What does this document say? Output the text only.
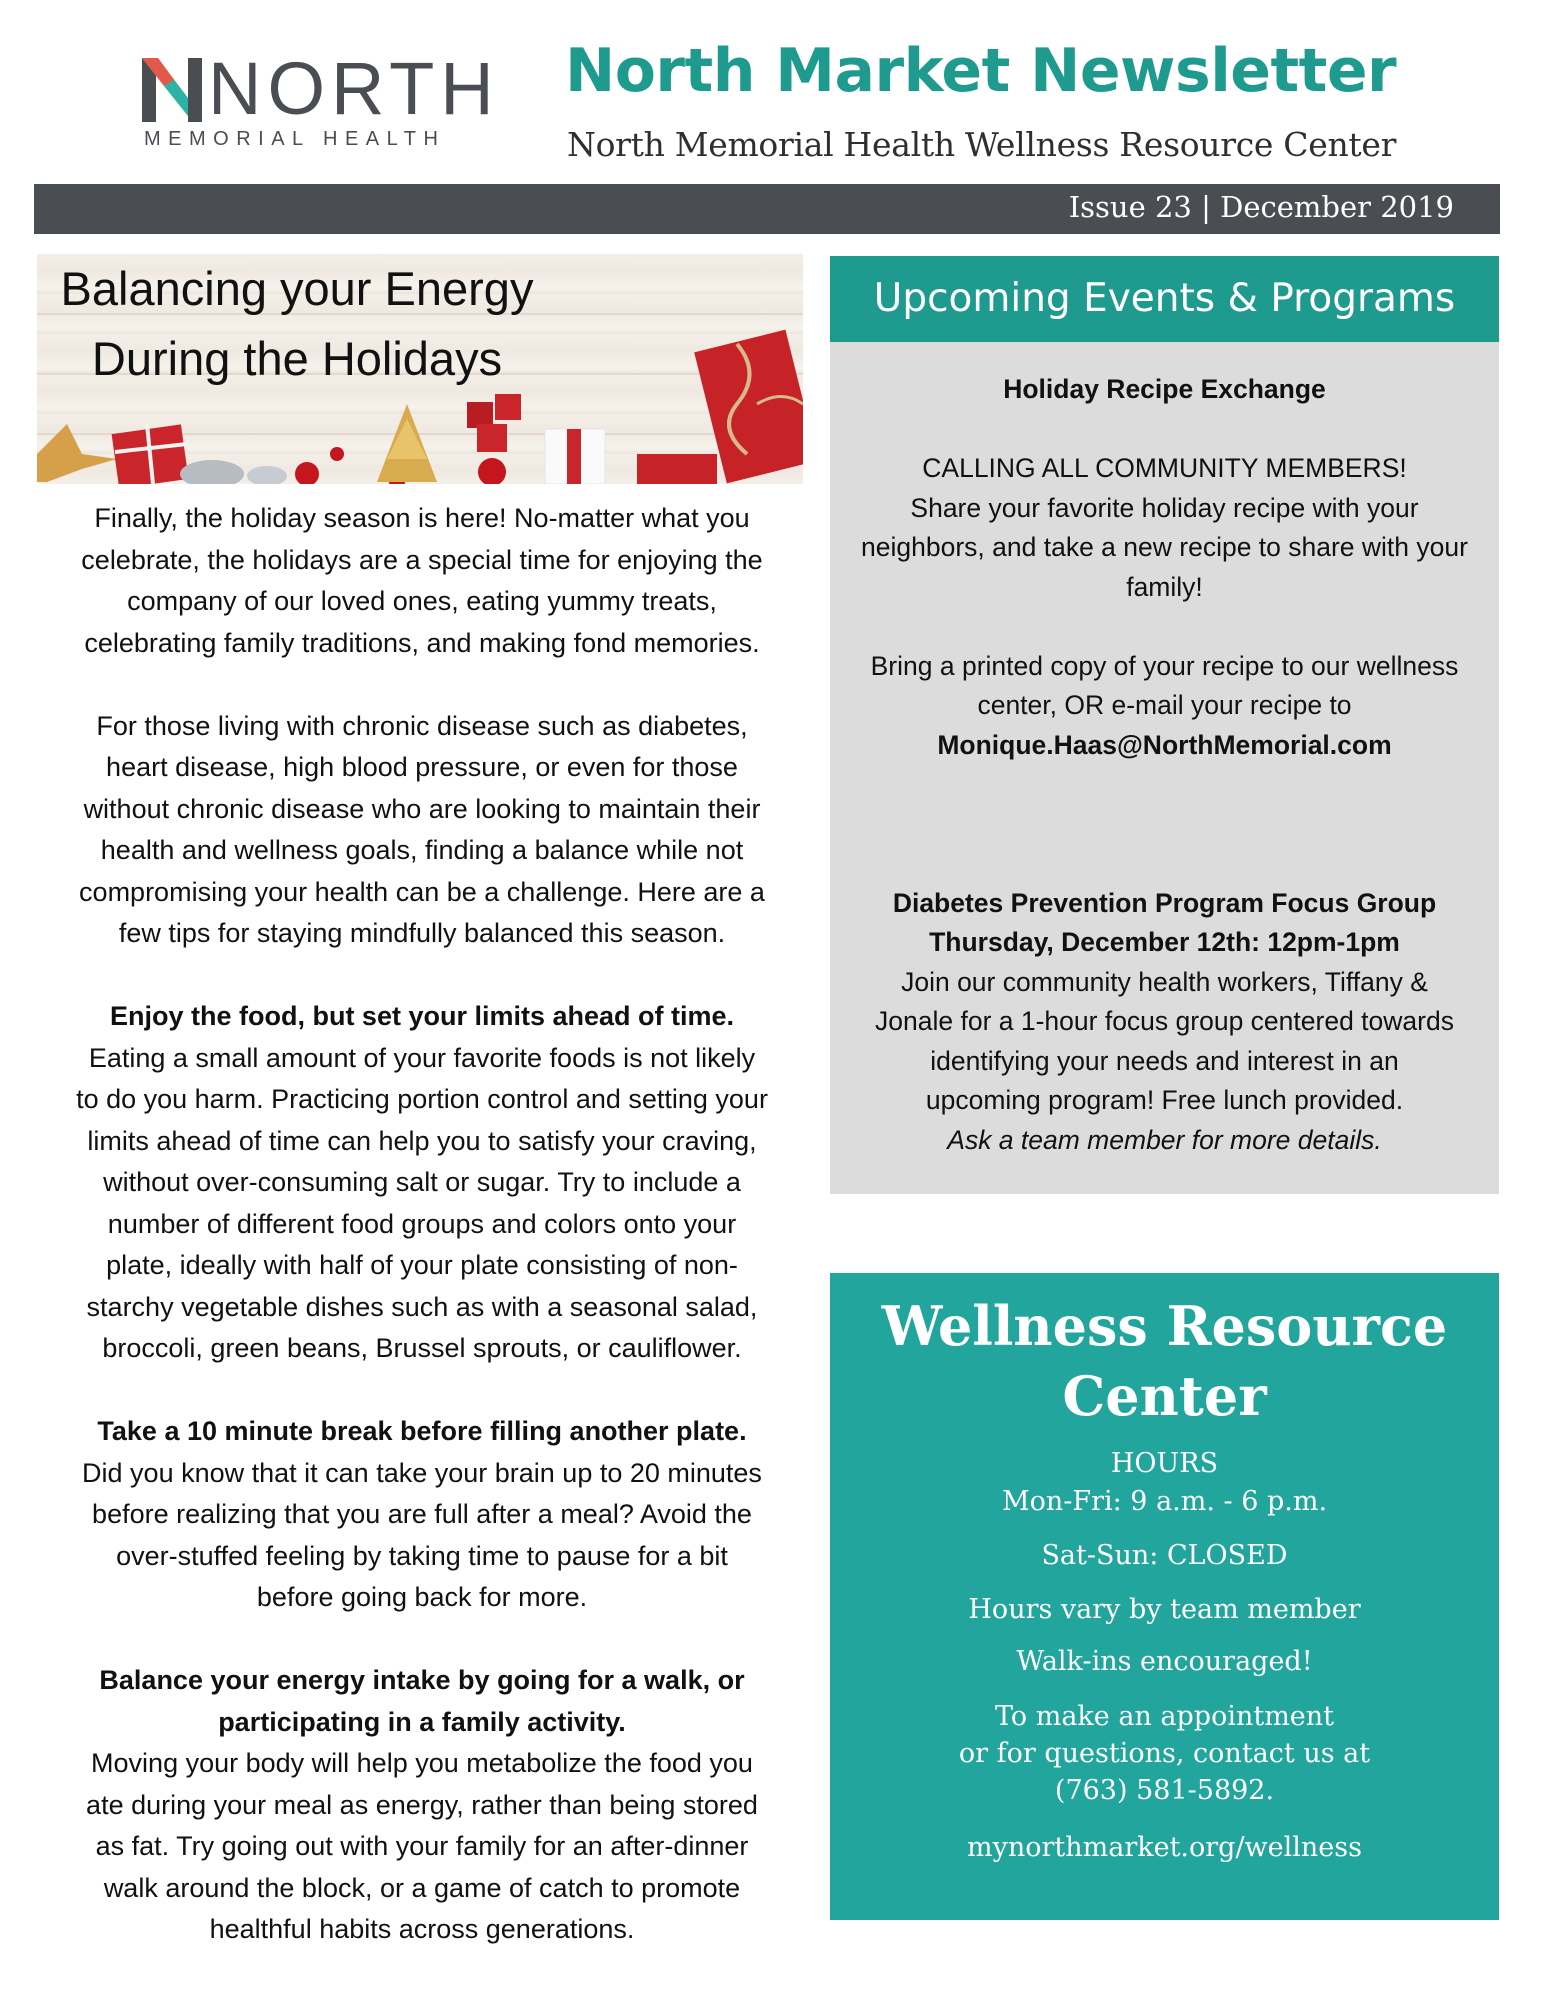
NORTH
MEMORIAL HEALTH
North Market Newsletter
North Memorial Health Wellness Resource Center
Issue 23 | December 2019
Balancing your Energy
During the Holidays

Finally, the holiday season is here! No-matter what you

celebrate, the holidays are a special time for enjoying the

company of our loved ones, eating yummy treats,

celebrating family traditions, and making fond memories.

For those living with chronic disease such as diabetes,

heart disease, high blood pressure, or even for those

without chronic disease who are looking to maintain their

health and wellness goals, finding a balance while not

compromising your health can be a challenge. Here are a

few tips for staying mindfully balanced this season.

Enjoy the food, but set your limits ahead of time.

Eating a small amount of your favorite foods is not likely

to do you harm. Practicing portion control and setting your

limits ahead of time can help you to satisfy your craving,

without over-consuming salt or sugar. Try to include a

number of different food groups and colors onto your

plate, ideally with half of your plate consisting of non-

starchy vegetable dishes such as with a seasonal salad,

broccoli, green beans, Brussel sprouts, or cauliflower.

Take a 10 minute break before filling another plate.

Did you know that it can take your brain up to 20 minutes

before realizing that you are full after a meal? Avoid the

over-stuffed feeling by taking time to pause for a bit

before going back for more.

Balance your energy intake by going for a walk, or

participating in a family activity.

Moving your body will help you metabolize the food you

ate during your meal as energy, rather than being stored

as fat. Try going out with your family for an after-dinner

walk around the block, or a game of catch to promote

healthful habits across generations.

Upcoming Events & Programs

Holiday Recipe Exchange

CALLING ALL COMMUNITY MEMBERS!

Share your favorite holiday recipe with your

neighbors, and take a new recipe to share with your

family!

Bring a printed copy of your recipe to our wellness

center, OR e-mail your recipe to

Monique.Haas@NorthMemorial.com

Diabetes Prevention Program Focus Group

Thursday, December 12th: 12pm-1pm

Join our community health workers, Tiffany &

Jonale for a 1-hour focus group centered towards

identifying your needs and interest in an

upcoming program! Free lunch provided.

Ask a team member for more details.

Wellness Resource
Center
HOURS
Mon-Fri: 9 a.m. - 6 p.m.
Sat-Sun: CLOSED
Hours vary by team member
Walk-ins encouraged!
To make an appointment
or for questions, contact us at
(763) 581-5892.
mynorthmarket.org/wellness
